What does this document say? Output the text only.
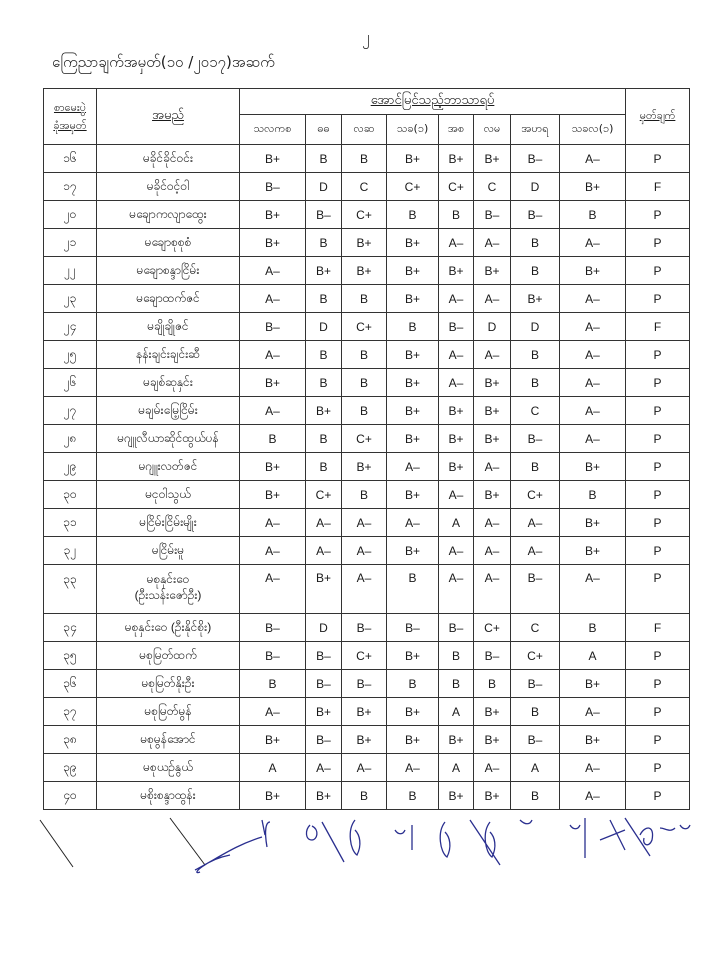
၂
ကြေညာချက်အမှတ်(၁၀ /၂၀၁၇)အဆက်
စာမေးပွဲ
ခုံအမှတ်	အမည်	အောင်မြင်သည့်ဘာသာရပ်								မှတ်ချက်
		သလကစ	ဓဓ	လဆ	သခ(၁)	အစ	လမ	အဟရ	သခလ(၁)	
၁၆	မခိုင်ခိုင်ဝင်း	B+	B	B	B+	B+	B+	B–	A–	P
၁၇	မခိုင်ဝင့်ဝါ	B–	D	C	C+	C+	C	D	B+	F
၂၀	မချောကလျာထွေး	B+	B–	C+	B	B	B–	B–	B	P
၂၁	မချောစုစုစံ	B+	B	B+	B+	A–	A–	B	A–	P
၂၂	မချောစန္ဒာငြိမ်း	A–	B+	B+	B+	B+	B+	B	B+	P
၂၃	မချောထက်ဇင်	A–	B	B	B+	A–	A–	B+	A–	P
၂၄	မချိုချိုဇင်	B–	D	C+	B	B–	D	D	A–	F
၂၅	နန်းချင်းချင်းဆီ	A–	B	B	B+	A–	A–	B	A–	P
၂၆	မချစ်ဆုနှင်း	B+	B	B	B+	A–	B+	B	A–	P
၂၇	မချမ်းမြေ့ငြိမ်း	A–	B+	B	B+	B+	B+	C	A–	P
၂၈	မဂျူလီယာဆိုင်ထွယ်ပန်	B	B	C+	B+	B+	B+	B–	A–	P
၂၉	မဂျူးလတ်ဇင်	B+	B	B+	A–	B+	A–	B	B+	P
၃၀	မငုဝါသွယ်	B+	C+	B	B+	A–	B+	C+	B	P
၃၁	မငြိမ်းငြိမ်းမျိုး	A–	A–	A–	A–	A	A–	A–	B+	P
၃၂	မငြိမ်းမူ	A–	A–	A–	B+	A–	A–	A–	B+	P
၃၃	မစုနှင်းဝေ
(ဦးသန်းဇော်ဦး)	A–	B+	A–	B	A–	A–	B–	A–	P
၃၄	မစုနှင်းဝေ (ဦးနိုင်စိုး)	B–	D	B–	B–	B–	C+	C	B	F
၃၅	မစုမြတ်ထက်	B–	B–	C+	B+	B	B–	C+	A	P
၃၆	မစုမြတ်နိုးဦး	B	B–	B–	B	B	B	B–	B+	P
၃၇	မစုမြတ်မွန်	A–	B+	B+	B+	A	B+	B	A–	P
၃၈	မစုမွန်အောင်	B+	B–	B+	B+	B+	B+	B–	B+	P
၃၉	မစုယဉ်နွယ်	A	A–	A–	A–	A	A–	A	A–	P
၄၀	မစိုးစန္ဒာထွန်း	B+	B+	B	B	B+	B+	B	A–	P
